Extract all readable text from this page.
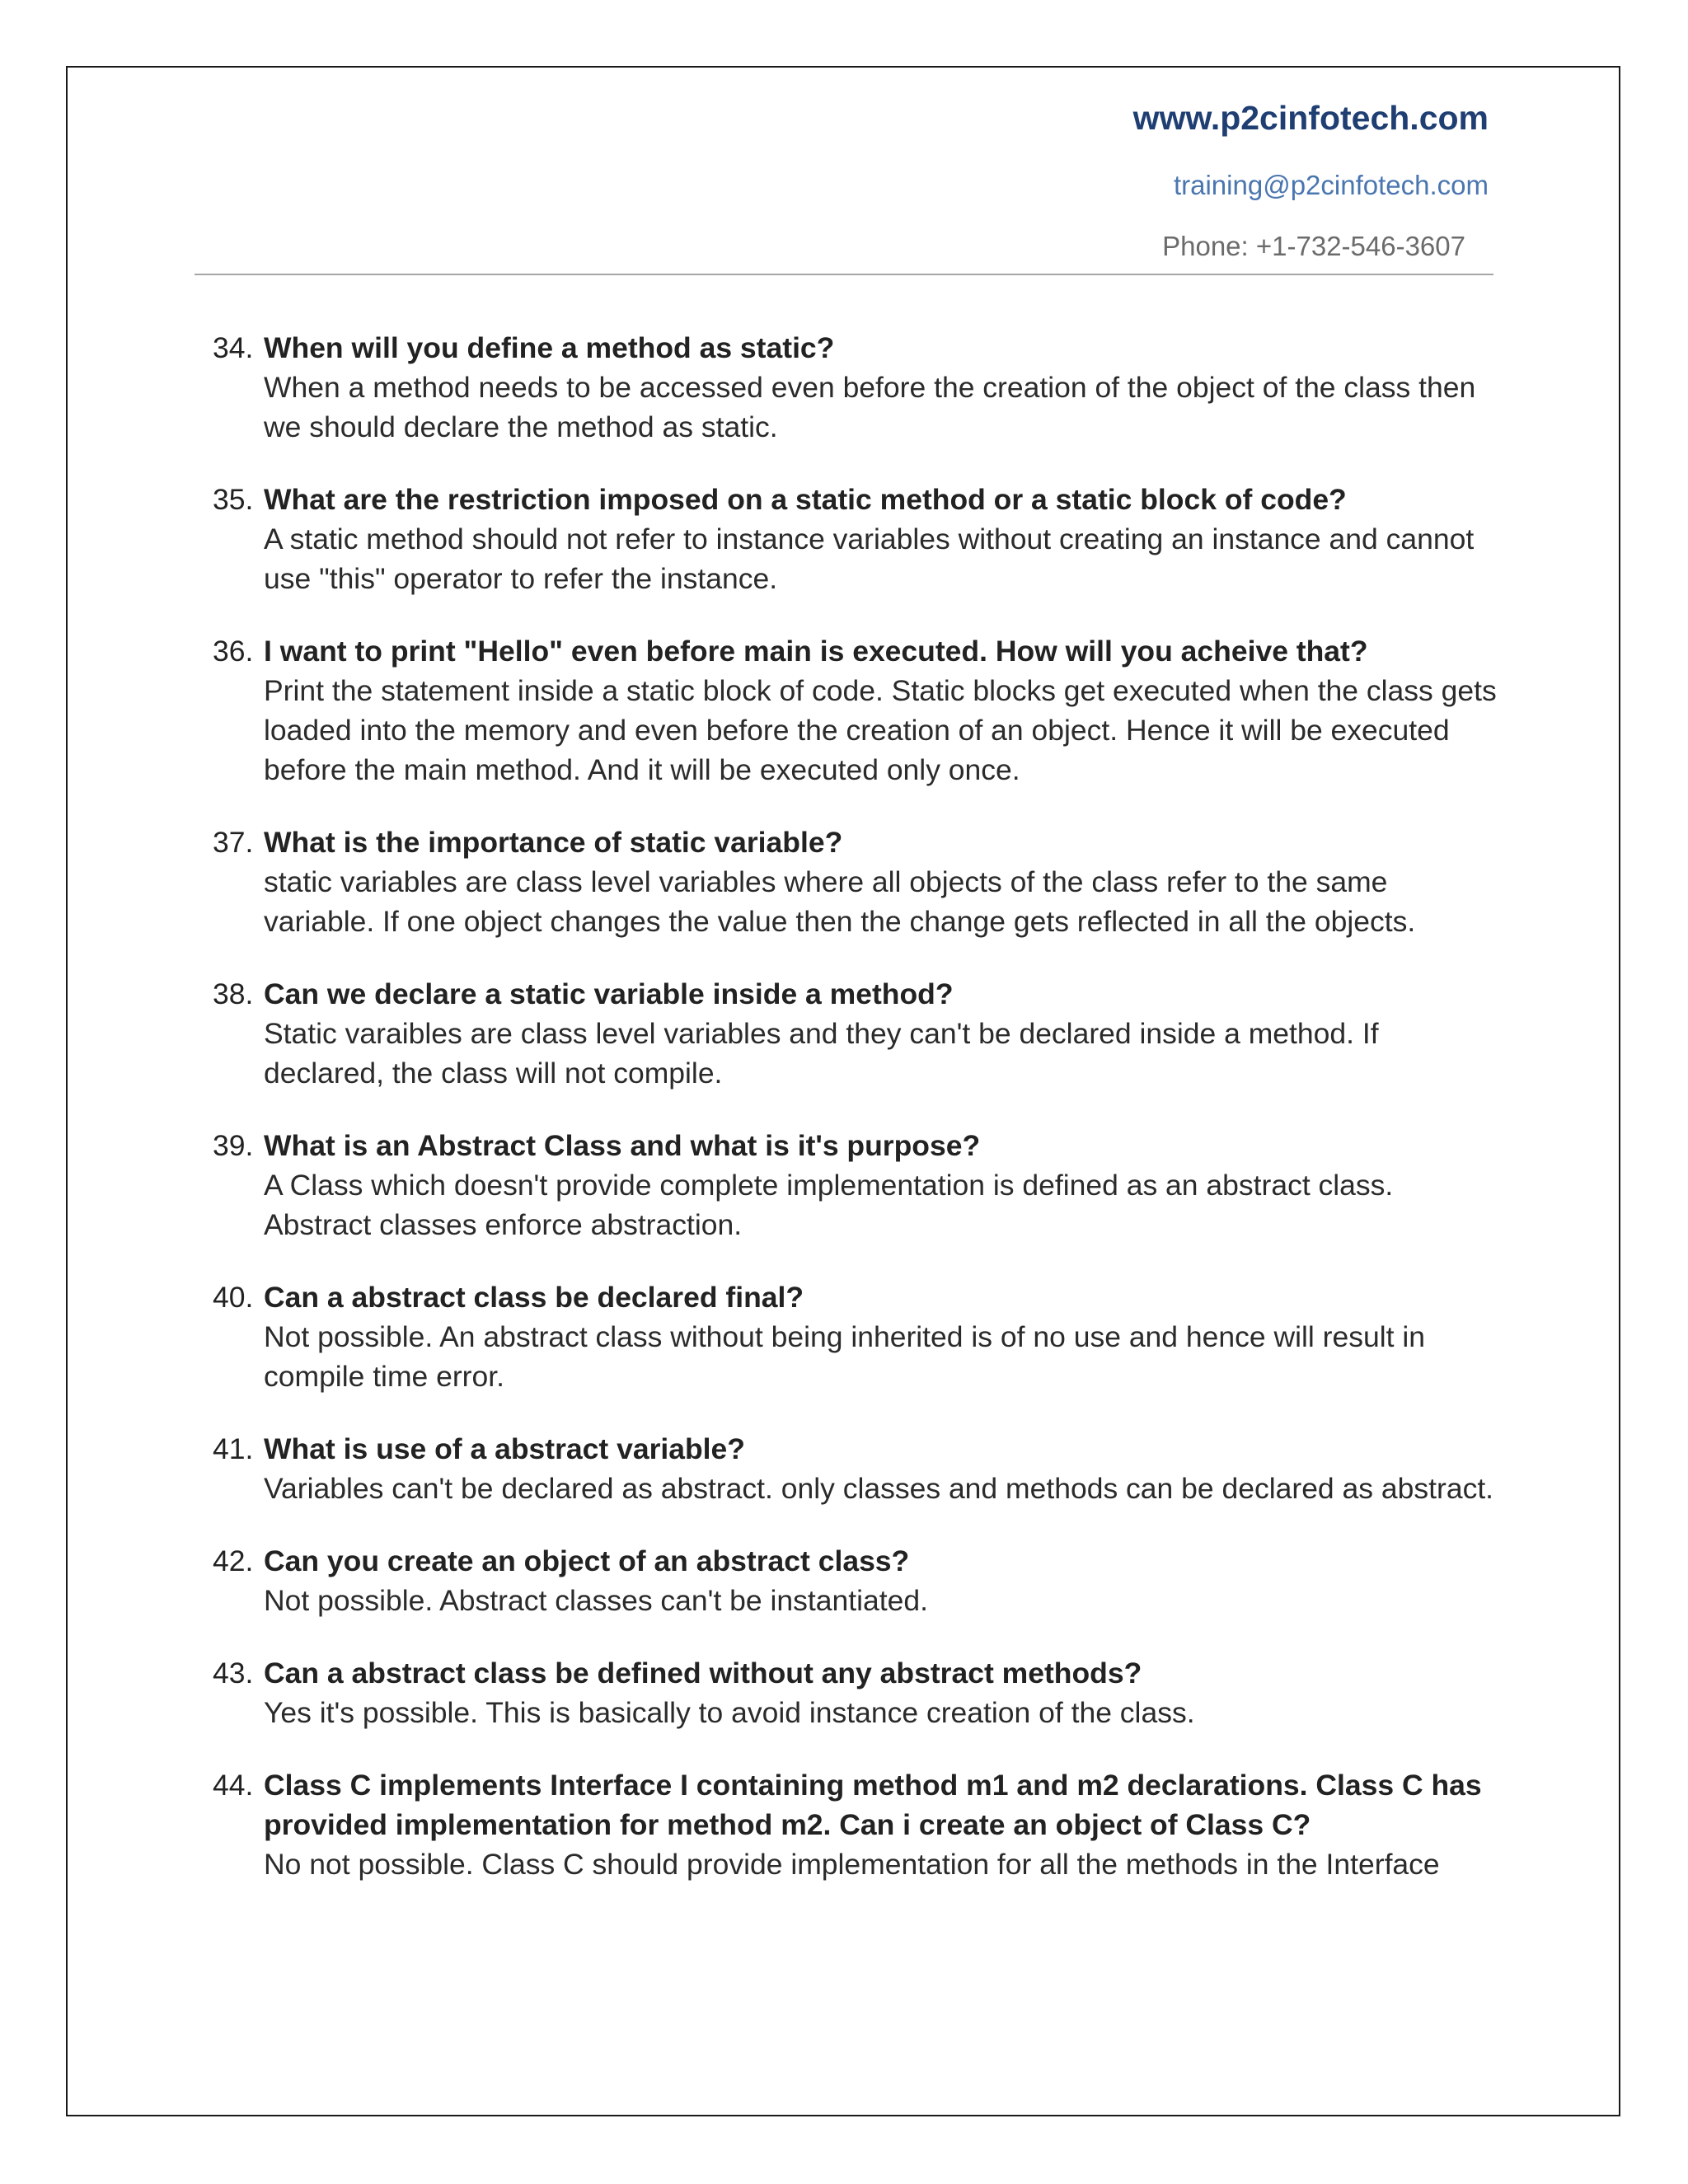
www.p2cinfotech.com
training@p2cinfotech.com
Phone: +1-732-546-3607
34. When will you define a method as static?
When a method needs to be accessed even before the creation of the object of the class then we should declare the method as static.
35. What are the restriction imposed on a static method or a static block of code?
A static method should not refer to instance variables without creating an instance and cannot use "this" operator to refer the instance.
36. I want to print "Hello" even before main is executed. How will you acheive that?
Print the statement inside a static block of code. Static blocks get executed when the class gets loaded into the memory and even before the creation of an object. Hence it will be executed before the main method. And it will be executed only once.
37. What is the importance of static variable?
static variables are class level variables where all objects of the class refer to the same variable. If one object changes the value then the change gets reflected in all the objects.
38. Can we declare a static variable inside a method?
Static varaibles are class level variables and they can't be declared inside a method. If declared, the class will not compile.
39. What is an Abstract Class and what is it's purpose?
A Class which doesn't provide complete implementation is defined as an abstract class. Abstract classes enforce abstraction.
40. Can a abstract class be declared final?
Not possible. An abstract class without being inherited is of no use and hence will result in compile time error.
41. What is use of a abstract variable?
Variables can't be declared as abstract. only classes and methods can be declared as abstract.
42. Can you create an object of an abstract class?
Not possible. Abstract classes can't be instantiated.
43. Can a abstract class be defined without any abstract methods?
Yes it's possible. This is basically to avoid instance creation of the class.
44. Class C implements Interface I containing method m1 and m2 declarations. Class C has provided implementation for method m2. Can i create an object of Class C?
No not possible. Class C should provide implementation for all the methods in the Interface
